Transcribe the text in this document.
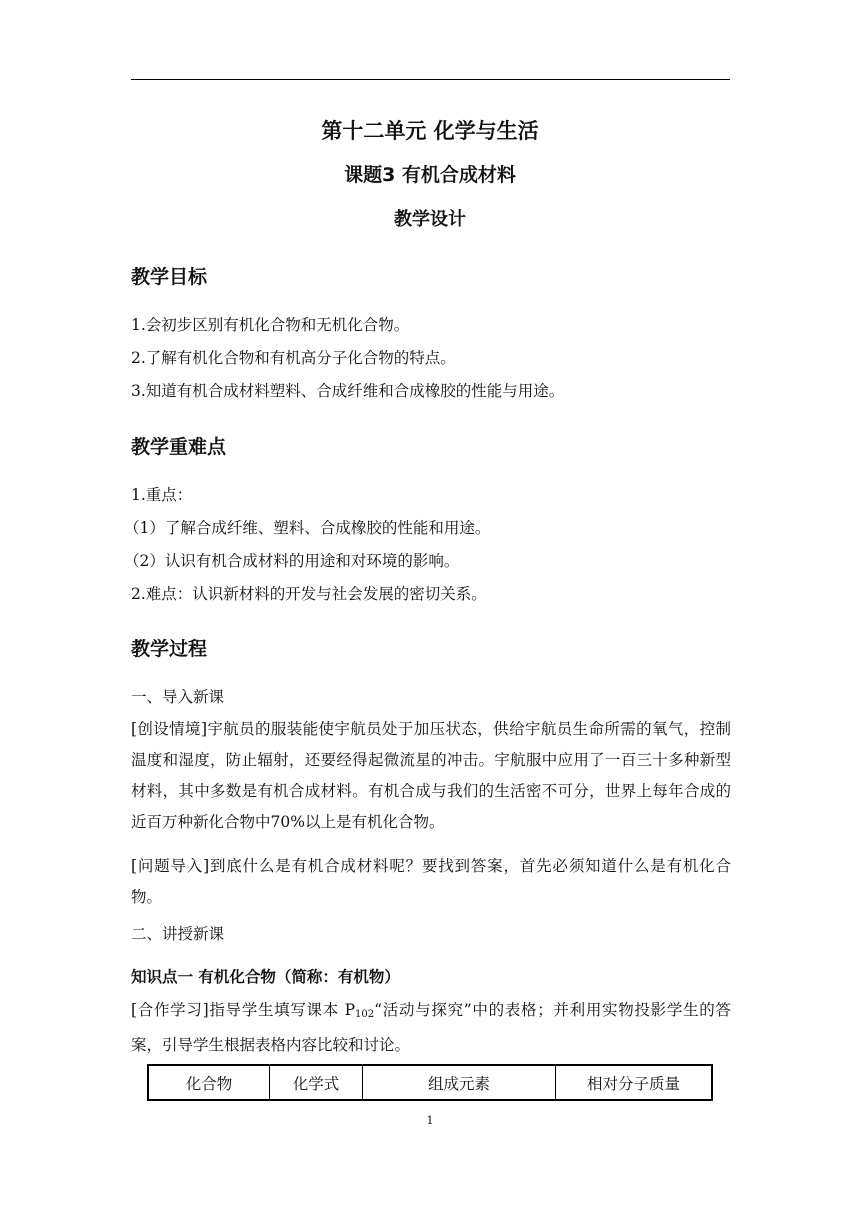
第十二单元 化学与生活
课题3 有机合成材料
教学设计
教学目标
1.会初步区别有机化合物和无机化合物。
2.了解有机化合物和有机高分子化合物的特点。
3.知道有机合成材料塑料、合成纤维和合成橡胶的性能与用途。
教学重难点
1.重点：
（1）了解合成纤维、塑料、合成橡胶的性能和用途。
（2）认识有机合成材料的用途和对环境的影响。
2.难点：认识新材料的开发与社会发展的密切关系。
教学过程
一、导入新课
[创设情境]宇航员的服装能使宇航员处于加压状态，供给宇航员生命所需的氧气，控制温度和湿度，防止辐射，还要经得起微流星的冲击。宇航服中应用了一百三十多种新型材料，其中多数是有机合成材料。有机合成与我们的生活密不可分，世界上每年合成的近百万种新化合物中70%以上是有机化合物。
[问题导入]到底什么是有机合成材料呢？要找到答案，首先必须知道什么是有机化合物。
二、讲授新课
知识点一 有机化合物（简称：有机物）
[合作学习]指导学生填写课本 $P_{102}“$活动与探究”中的表格；并利用实物投影学生的答案，引导学生根据表格内容比较和讨论。
化合物	化学式	组成元素	相对分子质量
1
